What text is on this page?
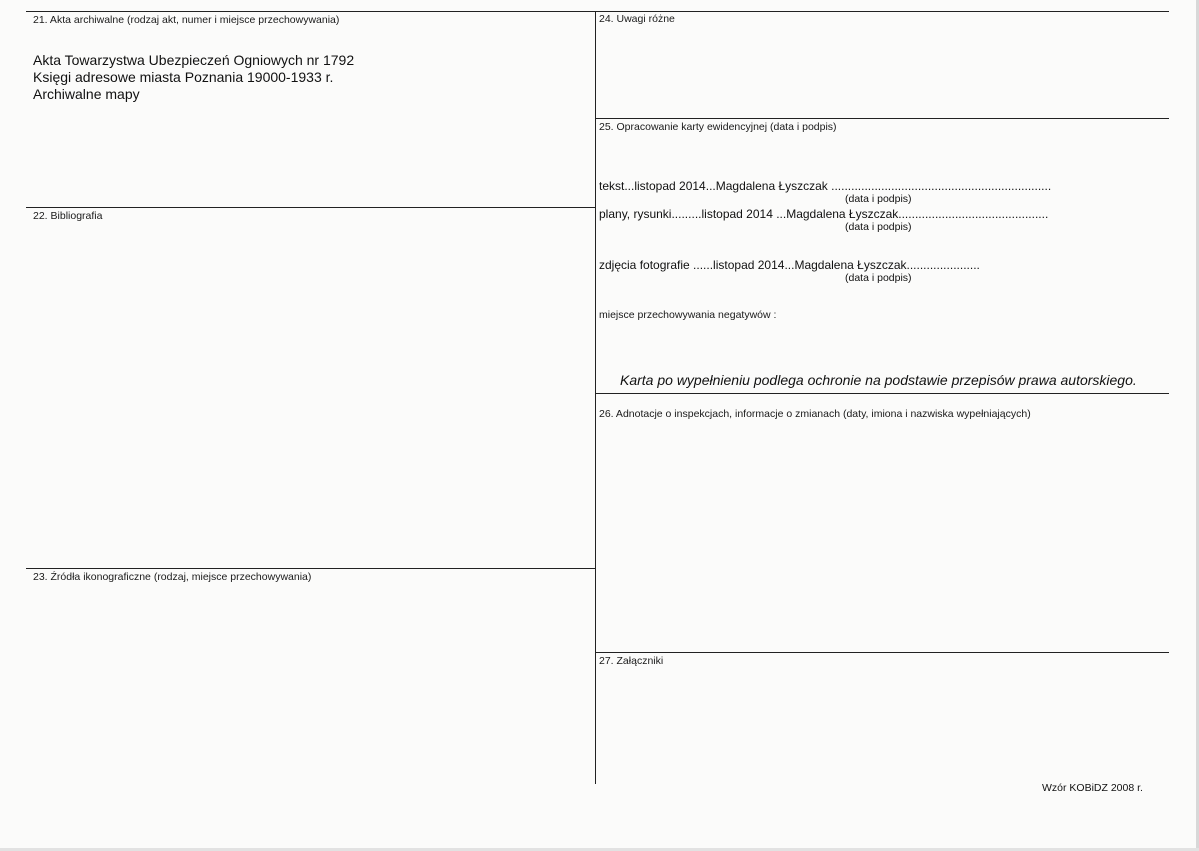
21. Akta archiwalne (rodzaj akt, numer i miejsce przechowywania)
Akta Towarzystwa Ubezpieczeń Ogniowych nr 1792
Księgi adresowe miasta Poznania 19000-1933 r.
Archiwalne mapy
22. Bibliografia
23. Źródła ikonograficzne (rodzaj, miejsce przechowywania)
24. Uwagi różne
25. Opracowanie karty ewidencyjnej (data i podpis)
tekst...listopad 2014...Magdalena Łyszczak ..................................................................
(data i podpis)
plany, rysunki.........listopad 2014 ...Magdalena Łyszczak.............................................
(data i podpis)
zdjęcia fotografie ......listopad 2014...Magdalena Łyszczak......................
(data i podpis)
miejsce przechowywania negatywów :
Karta po wypełnieniu podlega ochronie na podstawie przepisów prawa autorskiego.
26. Adnotacje o inspekcjach, informacje o zmianach (daty, imiona i nazwiska wypełniających)
27. Załączniki
Wzór KOBiDZ 2008 r.
